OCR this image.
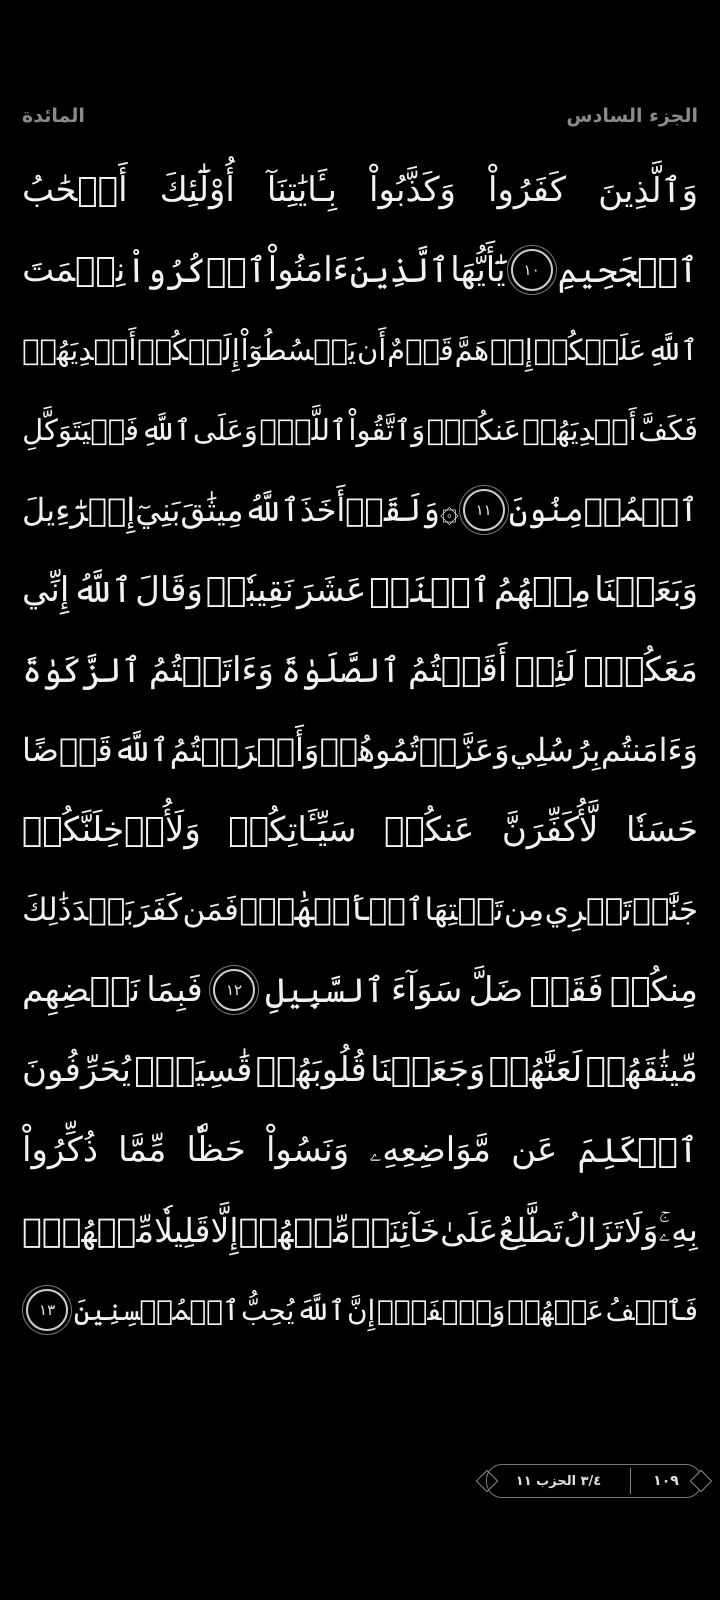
المائدة	الجزء السادس
وَٱلَّذِينَ
كَفَرُواْ
وَكَذَّبُواْ
بِـَٔايَٰتِنَآ
أُوْلَٰٓئِكَ
أَصۡحَٰبُ
ٱلۡجَحِيمِ
١٠
يَٰٓأَيُّهَا
ٱلَّذِينَ
ءَامَنُواْ
ٱذۡكُرُواْ
نِعۡمَتَ
ٱللَّهِ
عَلَيۡكُمۡ
إِذۡ
هَمَّ
قَوۡمٌ
أَن
يَبۡسُطُوٓاْ
إِلَيۡكُمۡ
أَيۡدِيَهُمۡ
فَكَفَّ
أَيۡدِيَهُمۡ
عَنكُمۡۖ
وَٱتَّقُواْ
ٱللَّهَۚ
وَعَلَى
ٱللَّهِ
فَلۡيَتَوَكَّلِ
ٱلۡمُؤۡمِنُونَ
١١
۞وَلَقَدۡ
أَخَذَ
ٱللَّهُ
مِيثَٰقَ
بَنِيٓ
إِسۡرَٰٓءِيلَ
وَبَعَثۡنَا
مِنۡهُمُ
ٱثۡنَيۡ
عَشَرَ
نَقِيبٗاۖ
وَقَالَ
ٱللَّهُ
إِنِّي
مَعَكُمۡۖ
لَئِنۡ
أَقَمۡتُمُ
ٱلصَّلَوٰةَ
وَءَاتَيۡتُمُ
ٱلزَّكَوٰةَ
وَءَامَنتُم
بِرُسُلِي
وَعَزَّرۡتُمُوهُمۡ
وَأَقۡرَضۡتُمُ
ٱللَّهَ
قَرۡضًا
حَسَنٗا
لَّأُكَفِّرَنَّ
عَنكُمۡ
سَيِّـَٔاتِكُمۡ
وَلَأُدۡخِلَنَّكُمۡ
جَنَّٰتٖ
تَجۡرِي
مِن
تَحۡتِهَا
ٱلۡأَنۡهَٰرُۚ
فَمَن
كَفَرَ
بَعۡدَ
ذَٰلِكَ
مِنكُمۡ
فَقَدۡ
ضَلَّ
سَوَآءَ
ٱلسَّبِيلِ
١٢
فَبِمَا
نَقۡضِهِم
مِّيثَٰقَهُمۡ
لَعَنَّٰهُمۡ
وَجَعَلۡنَا
قُلُوبَهُمۡ
قَٰسِيَةٗۖ
يُحَرِّفُونَ
ٱلۡكَلِمَ
عَن
مَّوَاضِعِهِۦ
وَنَسُواْ
حَظّٗا
مِّمَّا
ذُكِّرُواْ
بِهِۦۚ
وَلَا
تَزَالُ
تَطَّلِعُ
عَلَىٰ
خَآئِنَةٖ
مِّنۡهُمۡ
إِلَّا
قَلِيلٗا
مِّنۡهُمۡۖ
فَٱعۡفُ
عَنۡهُمۡ
وَٱصۡفَحۡۚ
إِنَّ
ٱللَّهَ
يُحِبُّ
ٱلۡمُحۡسِنِينَ
١٣
٣/٤ الحزب ١١	١٠٩
